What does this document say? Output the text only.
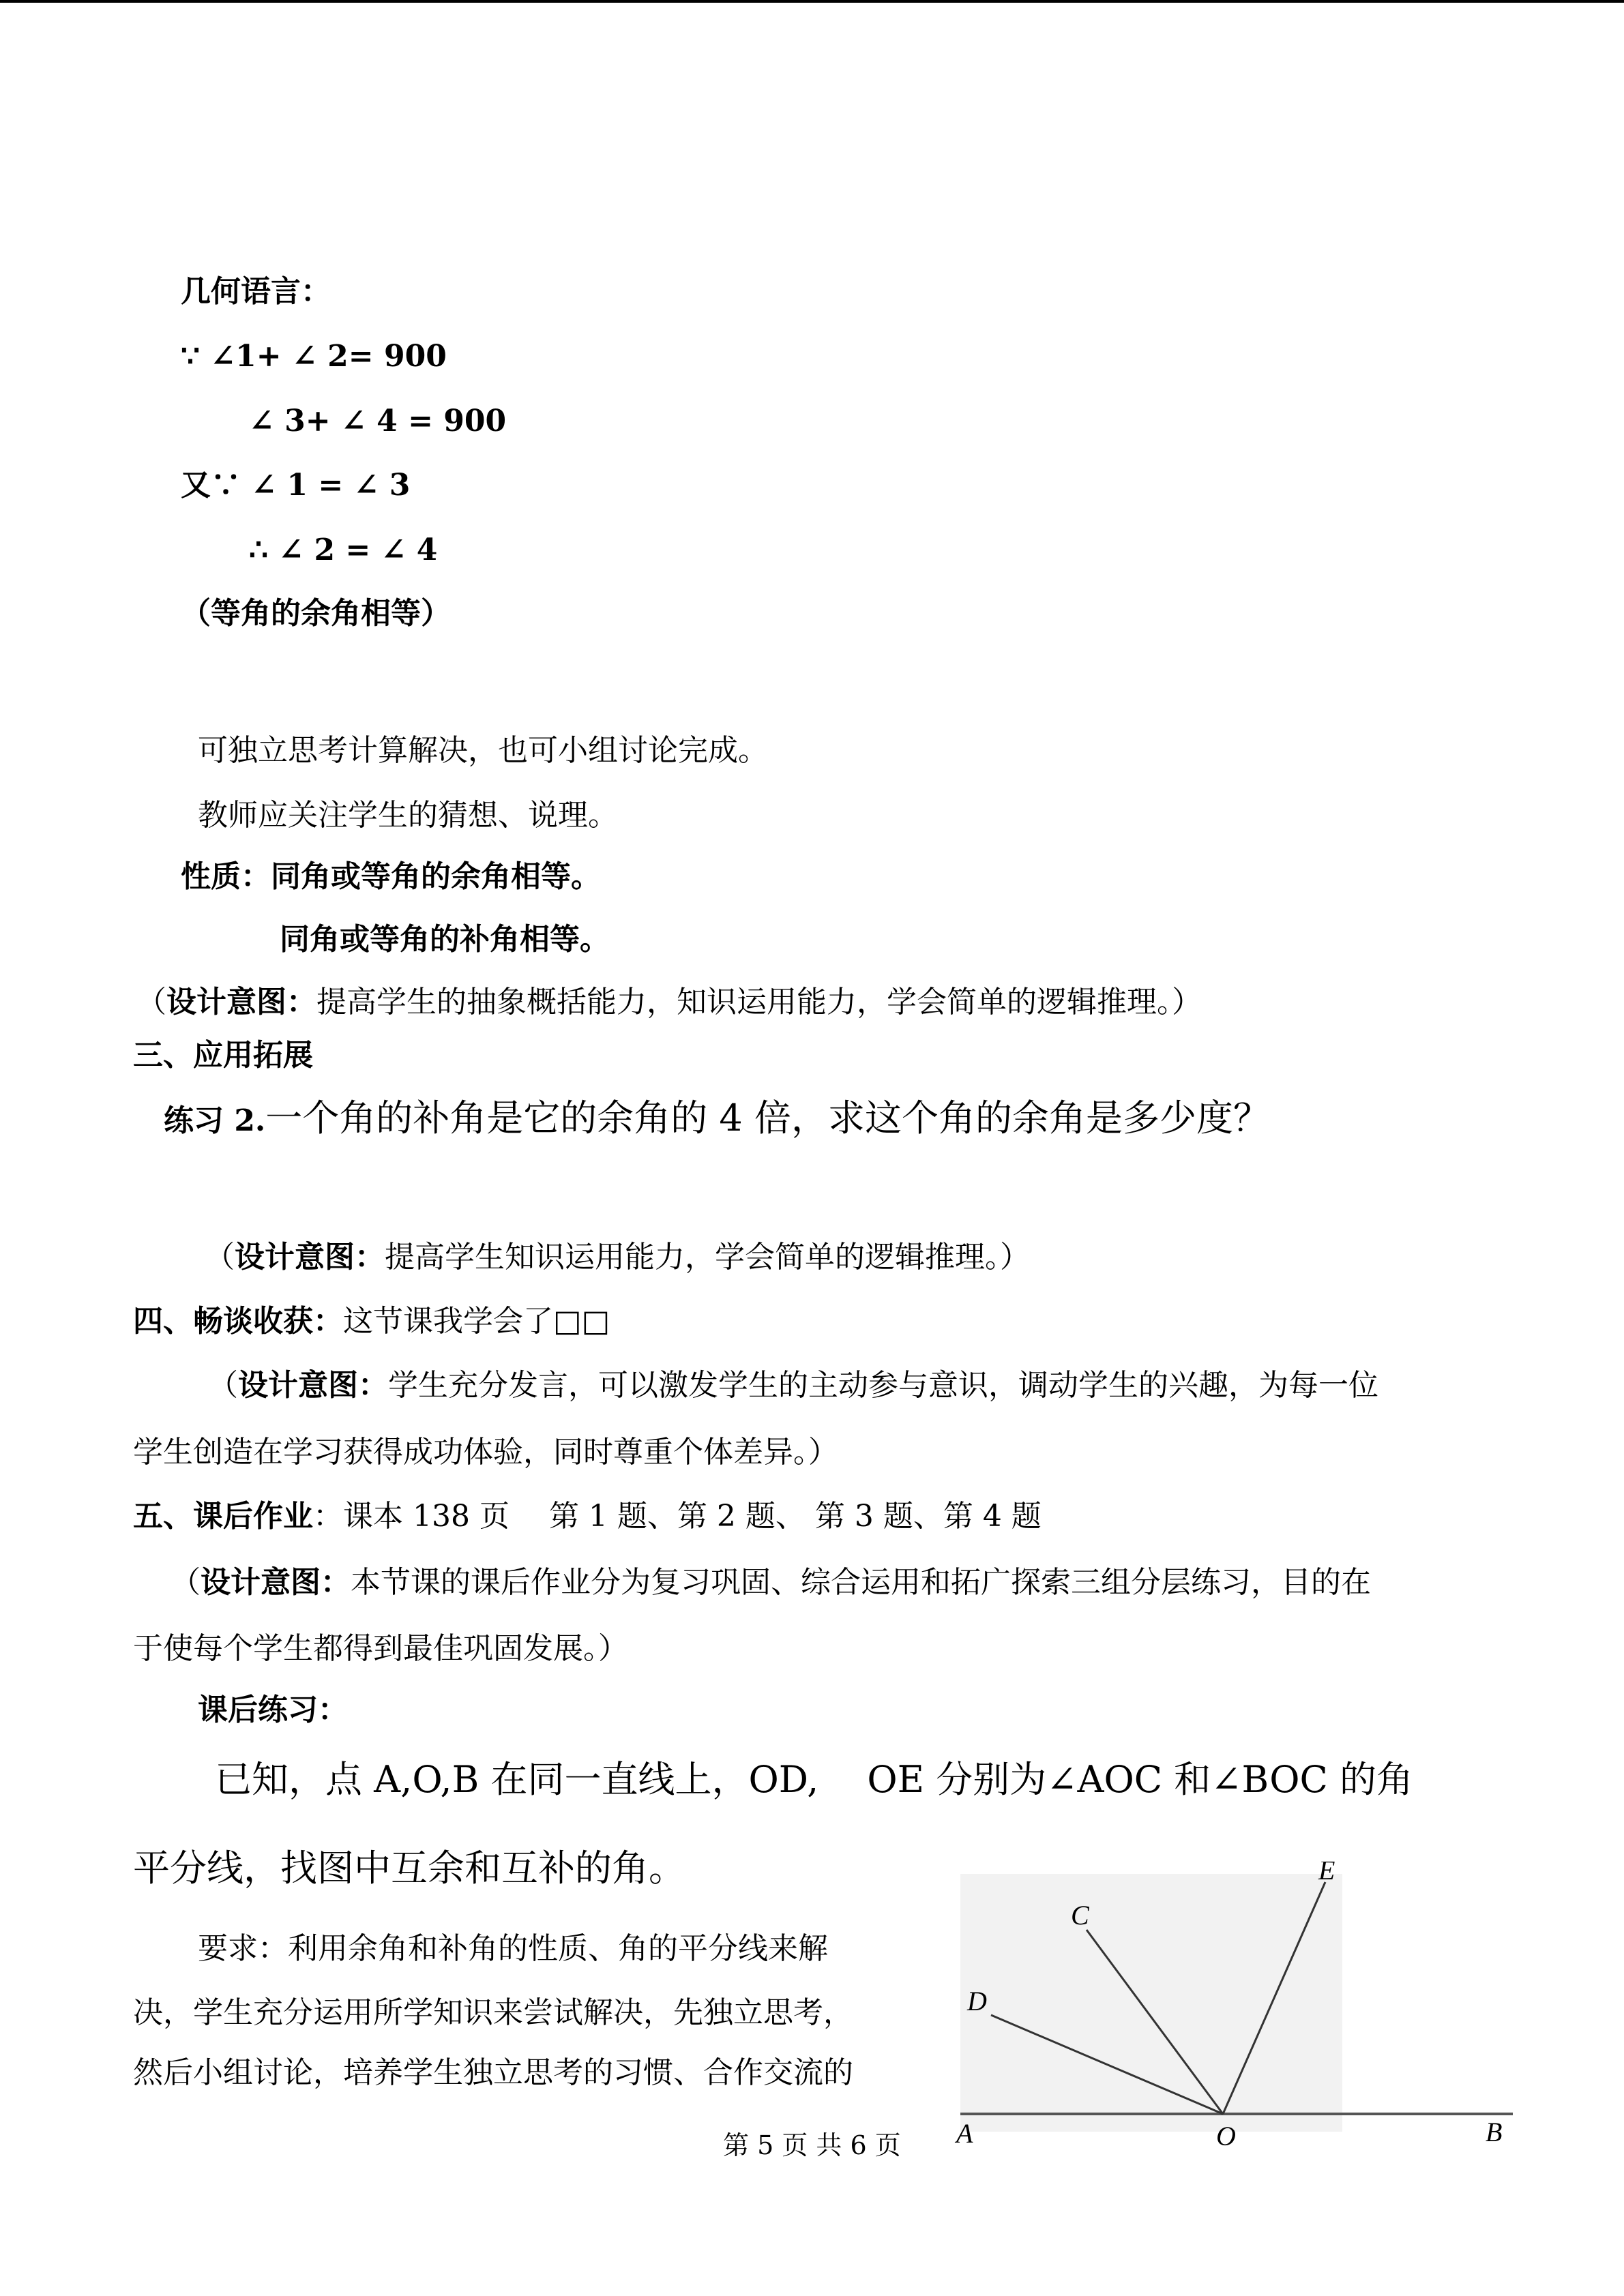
几何语言：
∵ ∠1+ ∠ 2= 900
∠ 3+ ∠ 4 = 900
又∵ ∠ 1 = ∠ 3
∴ ∠ 2 = ∠ 4
（等角的余角相等）
可独立思考计算解决，也可小组讨论完成。
教师应关注学生的猜想、说理。
性质：同角或等角的余角相等。
同角或等角的补角相等。
（设计意图：提高学生的抽象概括能力，知识运用能力，学会简单的逻辑推理。）
三、应用拓展
练习 2.一个角的补角是它的余角的 4 倍，求这个角的余角是多少度？
（设计意图：提高学生知识运用能力，学会简单的逻辑推理。）
四、畅谈收获：这节课我学会了□□
（设计意图：学生充分发言，可以激发学生的主动参与意识，调动学生的兴趣，为每一位
学生创造在学习获得成功体验，同时尊重个体差异。）
五、课后作业：课本 138 页　 第 1 题、第 2 题、 第 3 题、第 4 题
（设计意图：本节课的课后作业分为复习巩固、综合运用和拓广探索三组分层练习，目的在
于使每个学生都得到最佳巩固发展。）
课后练习：
已知，点 A,O,B 在同一直线上，OD,　 OE 分别为∠AOC 和∠BOC 的角
平分线，找图中互余和互补的角。
要求：利用余角和补角的性质、角的平分线来解
决，学生充分运用所学知识来尝试解决，先独立思考，
然后小组讨论，培养学生独立思考的习惯、合作交流的
A	B
O
C
D
E
第 5 页 共 6 页
